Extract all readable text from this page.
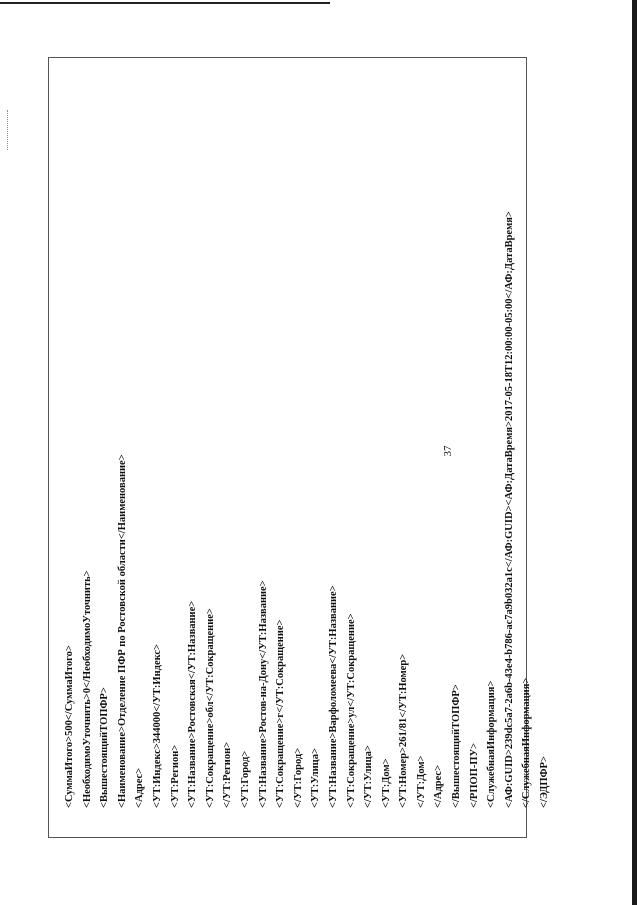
37
<СуммаИтого>500</СуммаИтого> <НеобходимоУточнить>0</НеобходимоУточнить> <ВышестоящийТОПФР> <Наименование>Отделение ПФР по Ростовской области</Наименование> <Адрес> <УТ:Индекс>344000</УТ:Индекс> <УТ:Регион> <УТ:Название>Ростовская</УТ:Название> <УТ:Сокращение>обл</УТ:Сокращение> </УТ:Регион> <УТ:Город> <УТ:Название>Ростов-на-Дону</УТ:Название> <УТ:Сокращение>г</УТ:Сокращение> </УТ:Город> <УТ:Улица> <УТ:Название>Варфоломеева</УТ:Название> <УТ:Сокращение>ул</УТ:Сокращение> </УТ:Улица> <УТ:Дом> <УТ:Номер>261/81</УТ:Номер> </УТ:Дом> </Адрес> </ВышестоящийТОПФР> </РПОП-ПУ> <СлужебнаяИнформация> <АФ:GUID>239dc5a7-2a6b-43e4-b786-ac7a9b032a1c</АФ:GUID><АФ:ДатаВремя>2017-05-18T12:00:00-05:00</АФ:ДатаВремя> </СлужебнаяИнформация> </ЭДПФР>
